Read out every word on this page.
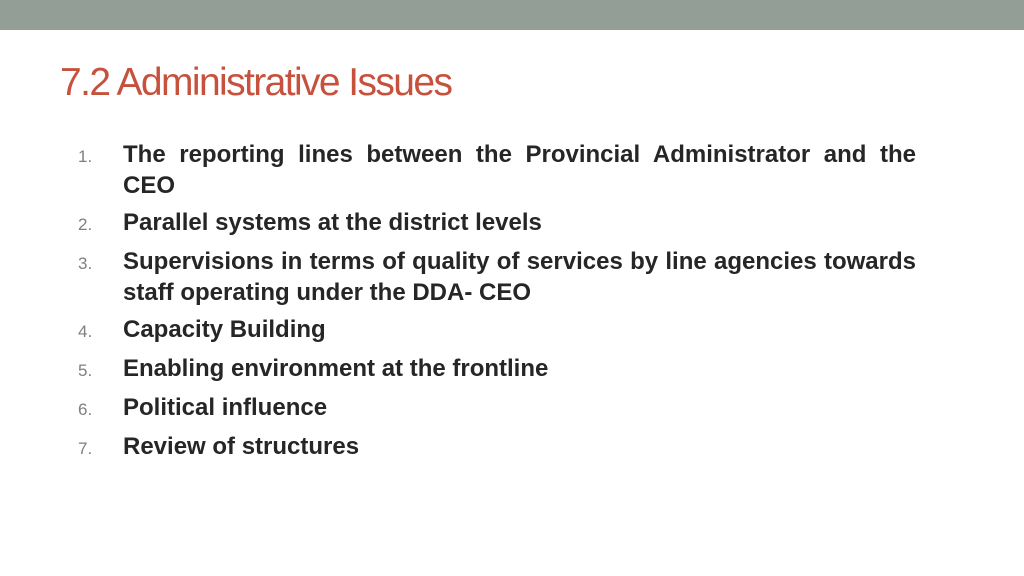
7.2 Administrative Issues
1.	The reporting lines between the Provincial Administrator and the CEO
2.	Parallel systems at the district levels
3.	Supervisions in terms of quality of services by line agencies towards staff operating under the DDA- CEO
4.	Capacity Building
5.	Enabling environment at the frontline
6.	Political influence
7.	Review of structures
